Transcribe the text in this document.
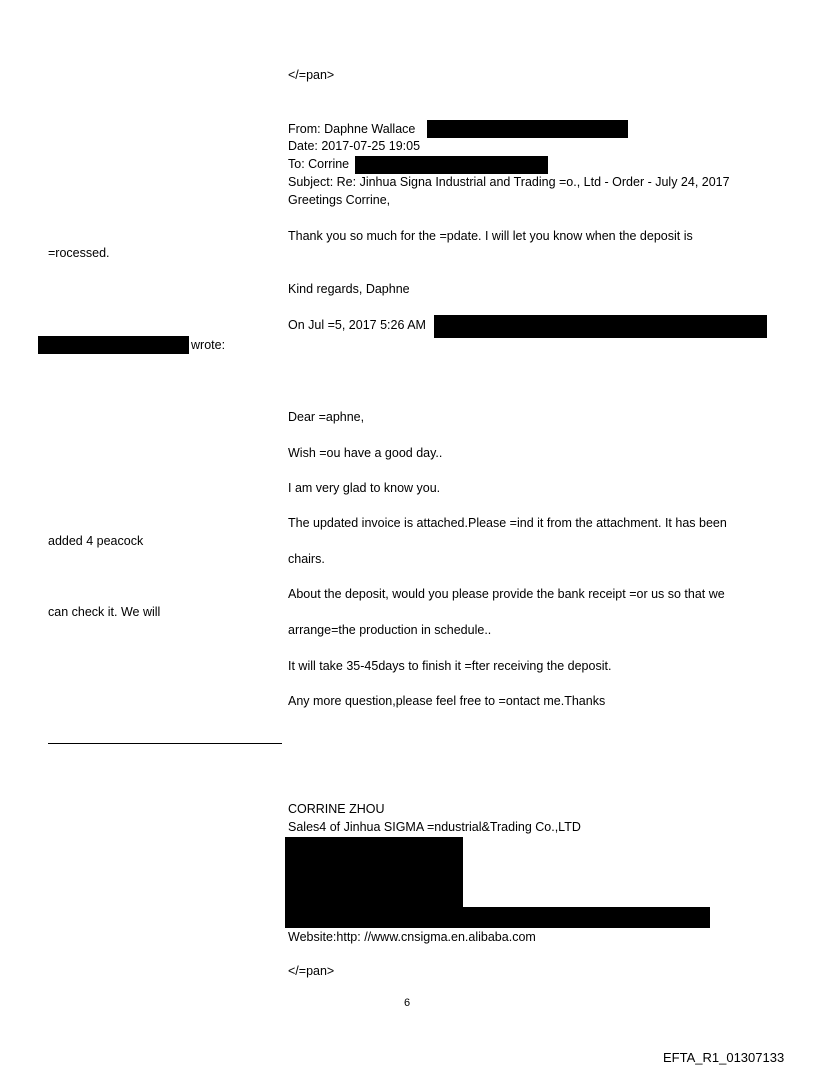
</=pan>
From: Daphne Wallace
Date: 2017-07-25 19:05
To: Corrine
Subject: Re: Jinhua Signa Industrial and Trading =o., Ltd - Order - July 24, 2017
Greetings Corrine,
Thank you so much for the =pdate. I will let you know when the deposit is
=rocessed.
Kind regards, Daphne
On Jul =5, 2017 5:26 AM
wrote:
Dear =aphne,
Wish =ou have a good day..
I am very glad to know you.
The updated invoice is attached.Please =ind it from the attachment. It has been
added 4 peacock
chairs.
About the deposit, would you please provide the bank receipt =or us so that we
can check it. We will
arrange=the production in schedule..
It will take 35-45days to finish it =fter receiving the deposit.
Any more question,please feel free to =ontact me.Thanks
CORRINE ZHOU
Sales4 of Jinhua SIGMA =ndustrial&Trading Co.,LTD
Website:http: //www.cnsigma.en.alibaba.com
</=pan>
6
EFTA_R1_01307133
